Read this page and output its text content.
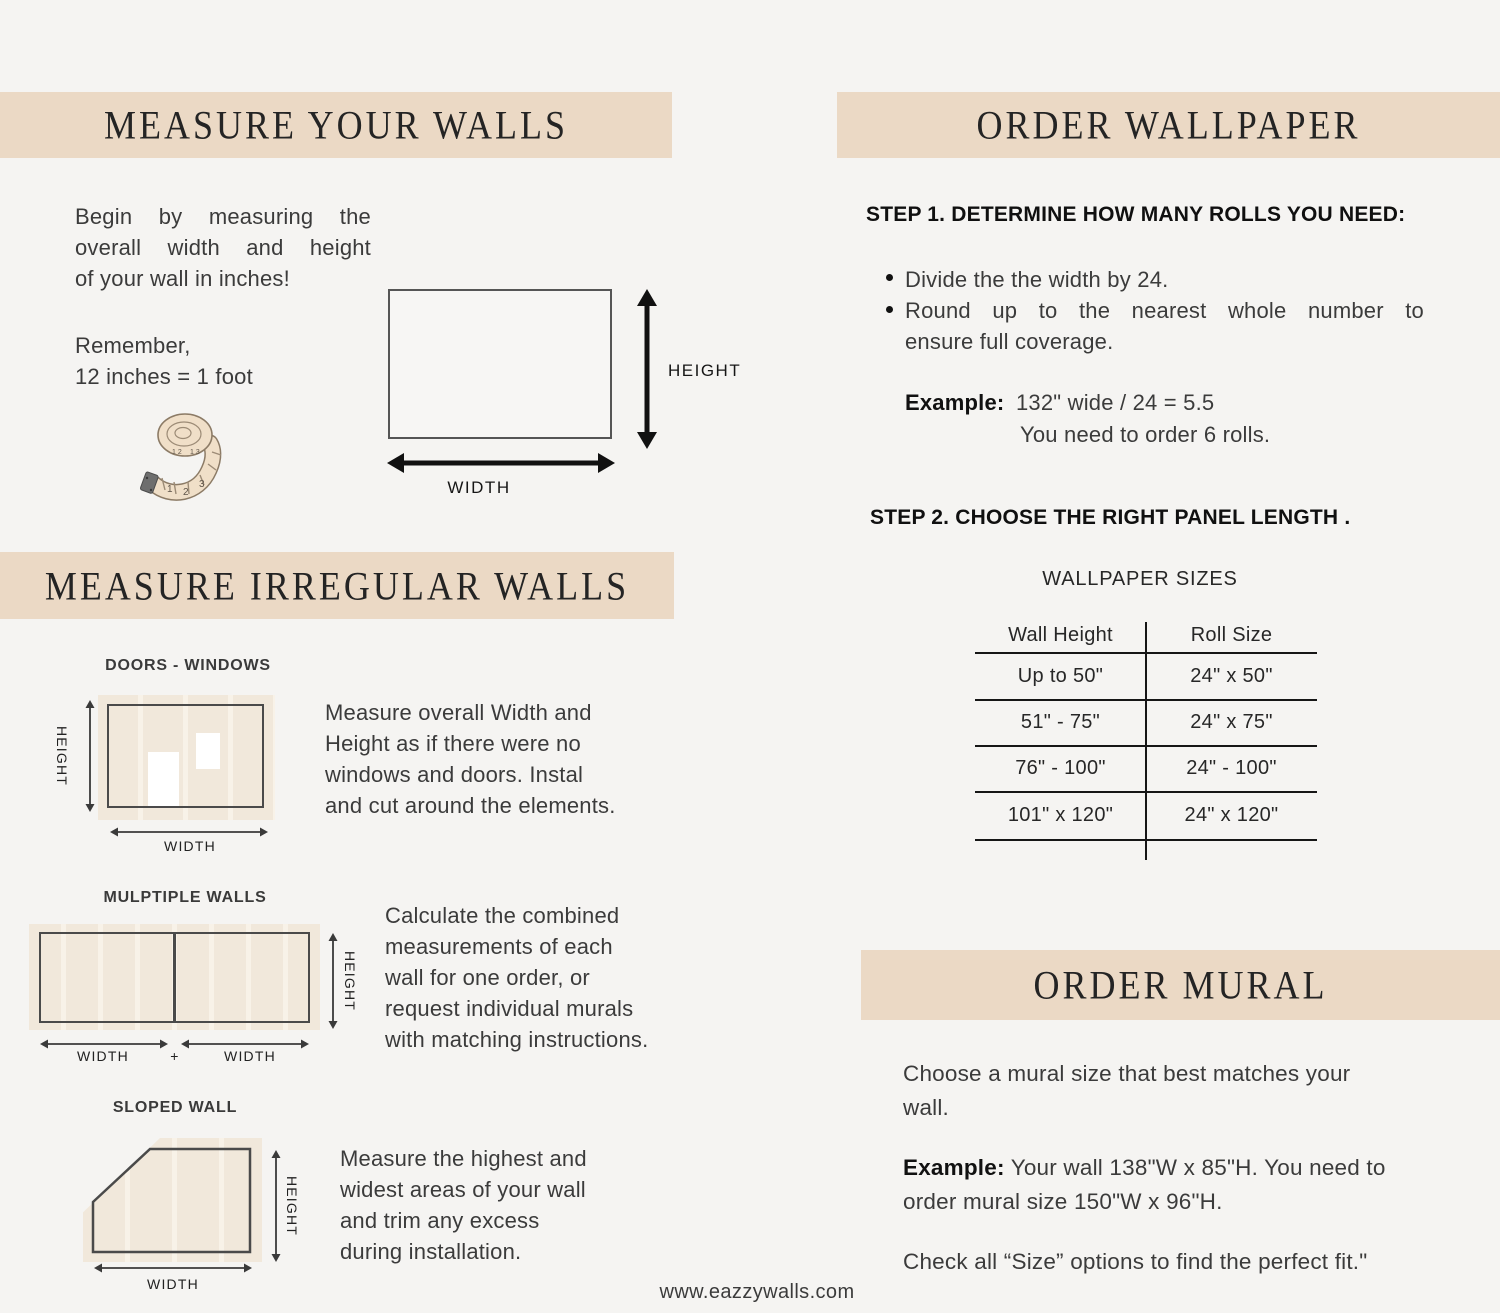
MEASURE YOUR WALLS
Begin by measuring the
overall width and height
of your wall in inches!
Remember,
12 inches = 1 foot
1 2
3
1 2 1 3
HEIGHT
WIDTH
MEASURE IRREGULAR WALLS
DOORS - WINDOWS
HEIGHT
WIDTH
Measure overall Width and
Height as if there were no
windows and doors. Instal
and cut around the elements.
MULPTIPLE WALLS
HEIGHT
WIDTH	+	WIDTH
Calculate the combined
measurements of each
wall for one order, or
request individual murals
with matching instructions.
SLOPED WALL
HEIGHT
WIDTH
Measure the highest and
widest areas of your wall
and trim any excess
during installation.
ORDER WALLPAPER
STEP 1. DETERMINE HOW MANY ROLLS YOU NEED:
Divide the the width by 24.
Round up to the nearest whole number to
ensure full coverage.
Example: 132" wide / 24 = 5.5
You need to order 6 rolls.
STEP 2. CHOOSE THE RIGHT PANEL LENGTH .
WALLPAPER SIZES
Wall Height	Roll Size
Up to 50"	24" x 50"
51" - 75"	24" x 75"
76" - 100"	24" - 100"
101" x 120"	24" x 120"
ORDER MURAL
Choose a mural size that best matches your
wall.
Example: Your wall 138"W x 85"H. You need to
order mural size 150"W x 96"H.
Check all “Size” options to find the perfect fit."
www.eazzywalls.com
